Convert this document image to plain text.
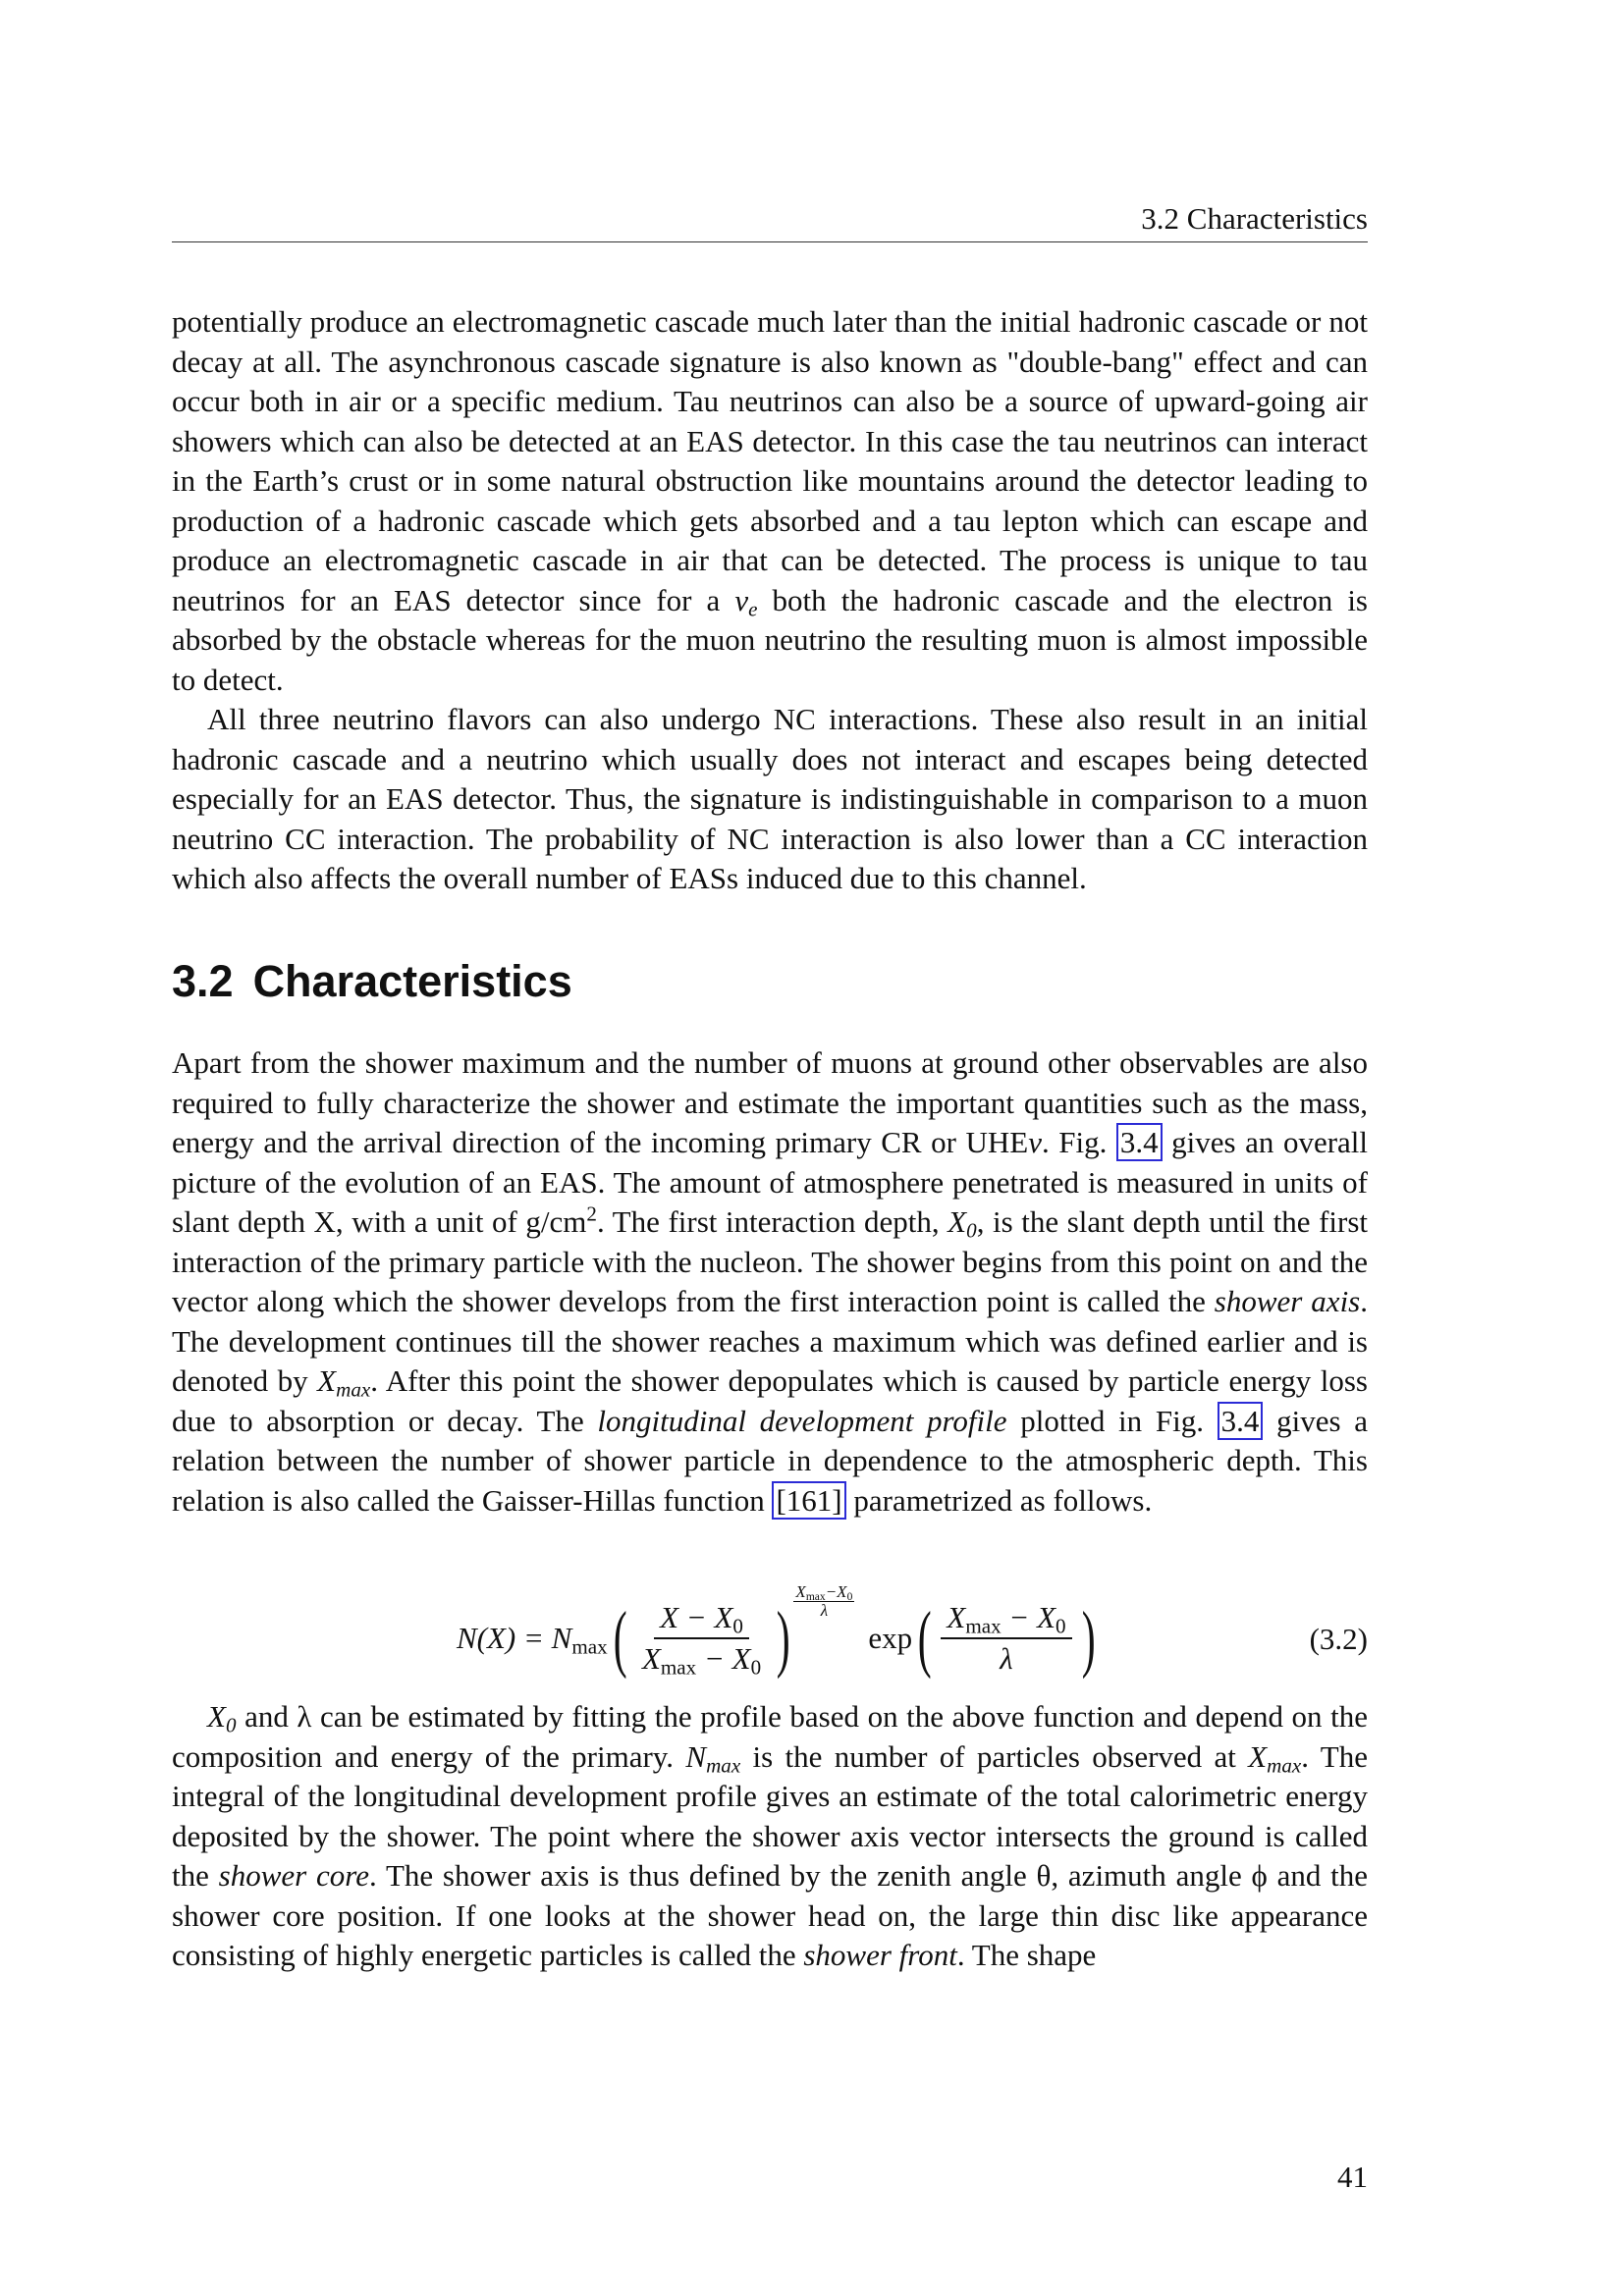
3.2 Characteristics

potentially produce an electromagnetic cascade much later than the initial hadronic cascade or not decay at all. The asynchronous cascade signature is also known as "double-bang" effect and can occur both in air or a specific medium. Tau neutrinos can also be a source of upward-going air showers which can also be detected at an EAS detector. In this case the tau neutrinos can interact in the Earth’s crust or in some natural obstruction like mountains around the detector leading to production of a hadronic cascade which gets absorbed and a tau lepton which can escape and produce an electromagnetic cascade in air that can be detected. The process is unique to tau neutrinos for an EAS detector since for a $\nu_e$ both the hadronic cascade and the electron is absorbed by the obstacle whereas for the muon neutrino the resulting muon is almost impossible to detect.

All three neutrino flavors can also undergo NC interactions. These also result in an initial hadronic cascade and a neutrino which usually does not interact and escapes being detected especially for an EAS detector. Thus, the signature is indistinguishable in comparison to a muon neutrino CC interaction. The probability of NC interaction is also lower than a CC interaction which also affects the overall number of EASs induced due to this channel.

3.2 Characteristics

Apart from the shower maximum and the number of muons at ground other observables are also required to fully characterize the shower and estimate the important quantities such as the mass, energy and the arrival direction of the incoming primary CR or UHEν. Fig. 3.4 gives an overall picture of the evolution of an EAS. The amount of atmosphere penetrated is measured in units of slant depth X, with a unit of $g/cm^2$. The first interaction depth, $X_0$, is the slant depth until the first interaction of the primary particle with the nucleon. The shower begins from this point on and the vector along which the shower develops from the first interaction point is called the shower axis. The development continues till the shower reaches a maximum which was defined earlier and is denoted by $X_{max}$. After this point the shower depopulates which is caused by particle energy loss due to absorption or decay. The longitudinal development profile plotted in Fig. 3.4 gives a relation between the number of shower particle in dependence to the atmospheric depth. This relation is also called the Gaisser-Hillas function [161] parametrized as follows.

$N(X) = N_{max}$ ( $\frac{X - X_0}{X_{max} - X_0}$ )
$X_{max}-X_0$
λ
exp ( $\frac{X_{max} - X_0}{\lambda}$ )	(3.2)

$X_0$ and λ can be estimated by fitting the profile based on the above function and depend on the composition and energy of the primary. $N_{max}$ is the number of particles observed at $X_{max}$. The integral of the longitudinal development profile gives an estimate of the total calorimetric energy deposited by the shower. The point where the shower axis vector intersects the ground is called the shower core. The shower axis is thus defined by the zenith angle θ, azimuth angle ϕ and the shower core position. If one looks at the shower head on, the large thin disc like appearance consisting of highly energetic particles is called the shower front. The shape

41
